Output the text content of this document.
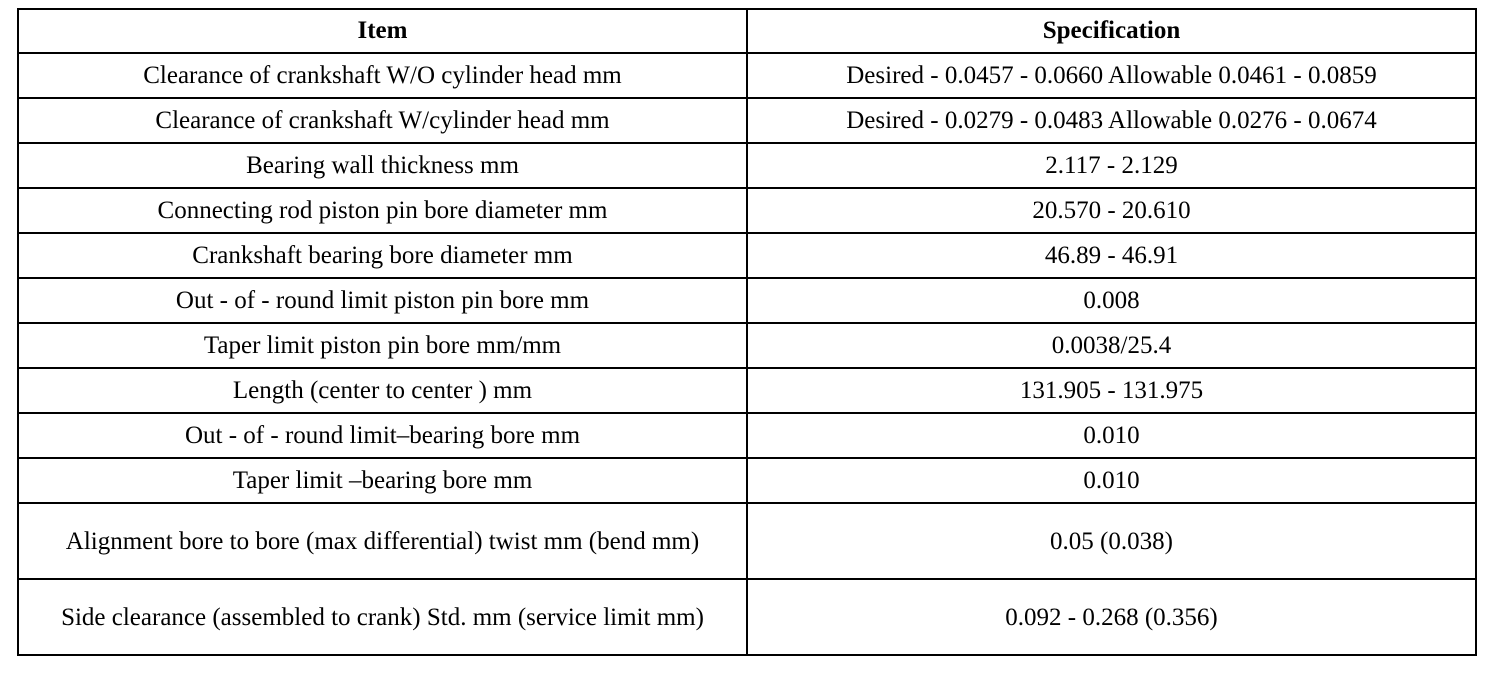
Item	Specification
Clearance of crankshaft W/O cylinder head mm	Desired - 0.0457 - 0.0660 Allowable 0.0461 - 0.0859
Clearance of crankshaft W/cylinder head mm	Desired - 0.0279 - 0.0483 Allowable 0.0276 - 0.0674
Bearing wall thickness mm	2.117 - 2.129
Connecting rod piston pin bore diameter mm	20.570 - 20.610
Crankshaft bearing bore diameter mm	46.89 - 46.91
Out - of - round limit piston pin bore mm	0.008
Taper limit piston pin bore mm/mm	0.0038/25.4
Length (center to center ) mm	131.905 - 131.975
Out - of - round limit–bearing bore mm	0.010
Taper limit –bearing bore mm	0.010
Alignment bore to bore (max differential) twist mm (bend mm)	0.05 (0.038)
Side clearance (assembled to crank) Std. mm (service limit mm)	0.092 - 0.268 (0.356)
